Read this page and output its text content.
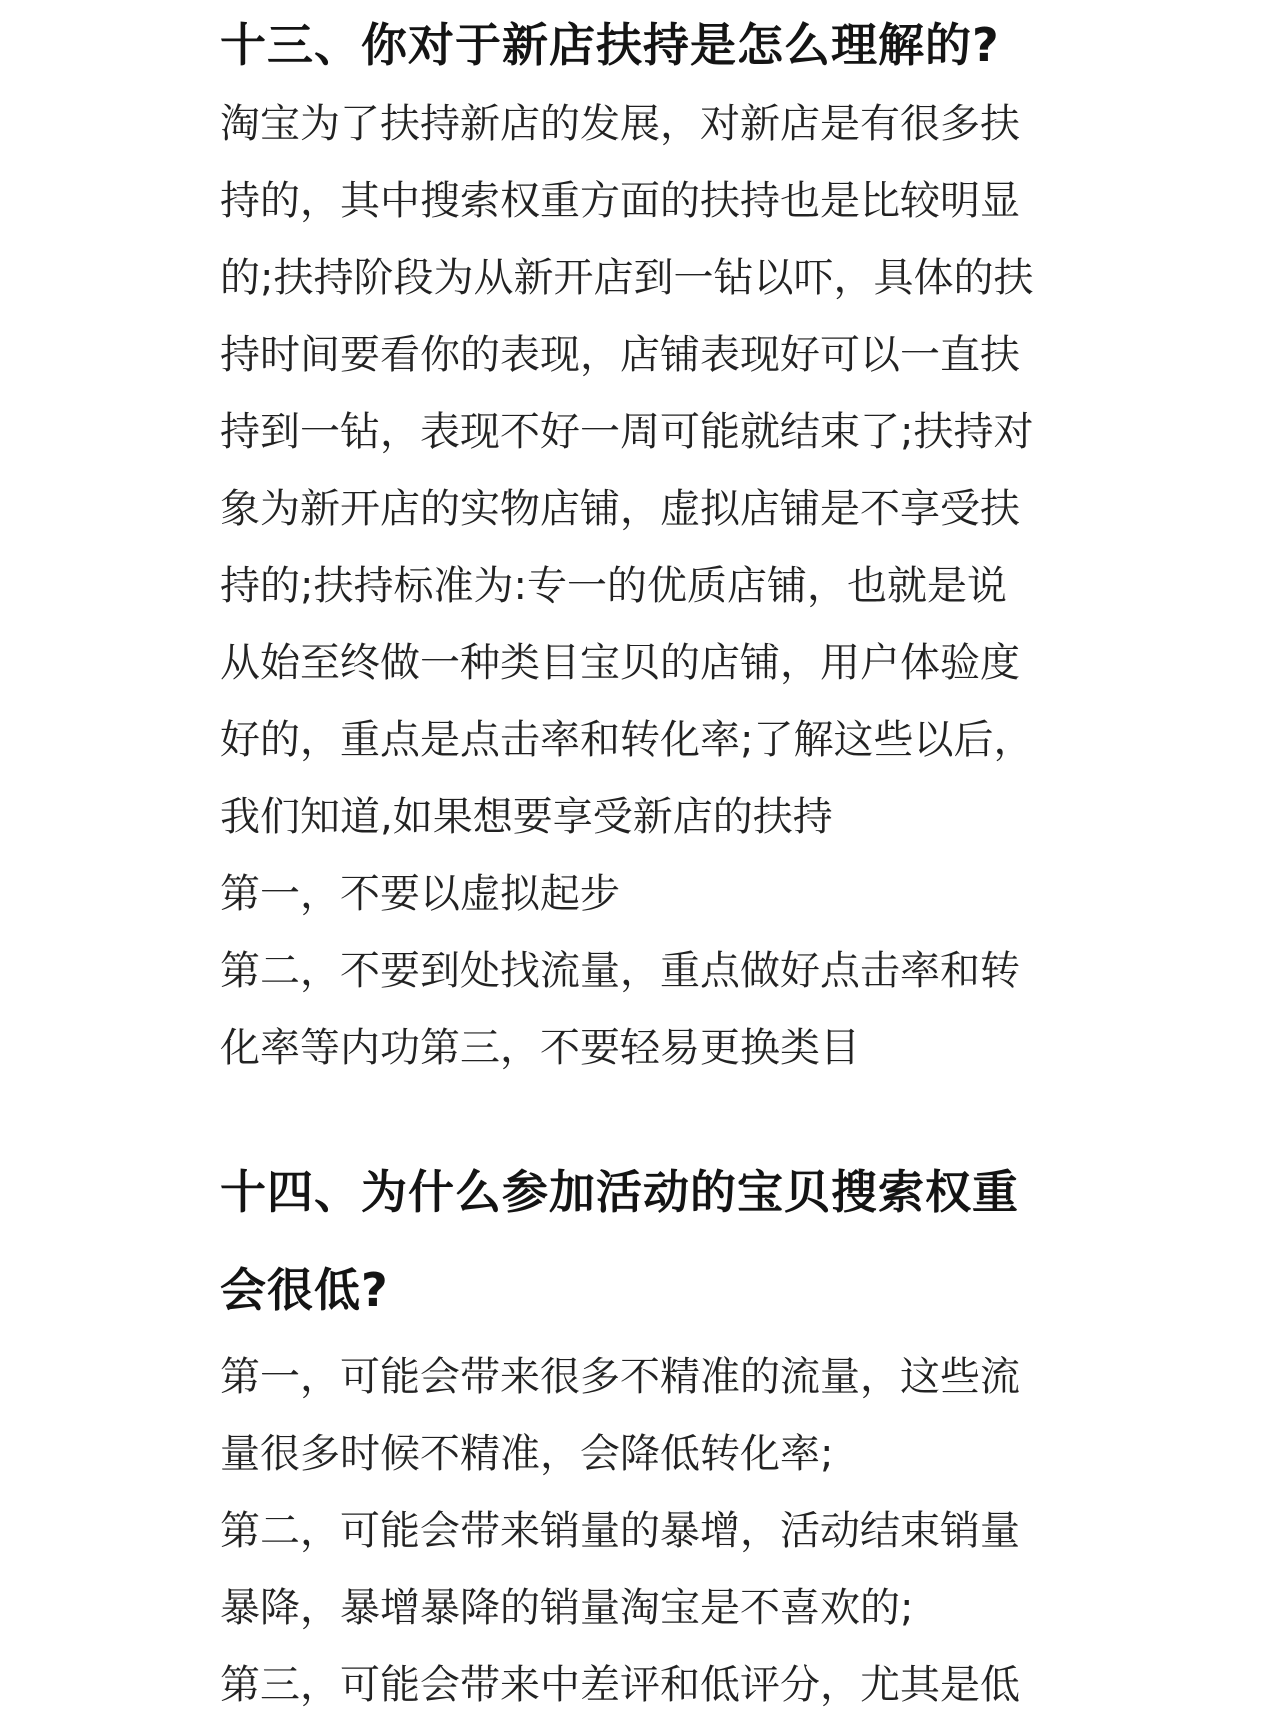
十三、你对于新店扶持是怎么理解的?

淘宝为了扶持新店的发展，对新店是有很多扶

持的，其中搜索权重方面的扶持也是比较明显

的;扶持阶段为从新开店到一钻以吓，具体的扶

持时间要看你的表现，店铺表现好可以一直扶

持到一钻，表现不好一周可能就结束了;扶持对

象为新开店的实物店铺，虚拟店铺是不享受扶

持的;扶持标准为:专一的优质店铺，也就是说

从始至终做一种类目宝贝的店铺，用户体验度

好的，重点是点击率和转化率;了解这些以后，

我们知道,如果想要享受新店的扶持

第一，不要以虚拟起步

第二，不要到处找流量，重点做好点击率和转

化率等内功第三，不要轻易更换类目

十四、为什么参加活动的宝贝搜索权重
会很低?

第一，可能会带来很多不精准的流量，这些流

量很多时候不精准，会降低转化率;

第二，可能会带来销量的暴增，活动结束销量

暴降，暴增暴降的销量淘宝是不喜欢的;

第三，可能会带来中差评和低评分，尤其是低
